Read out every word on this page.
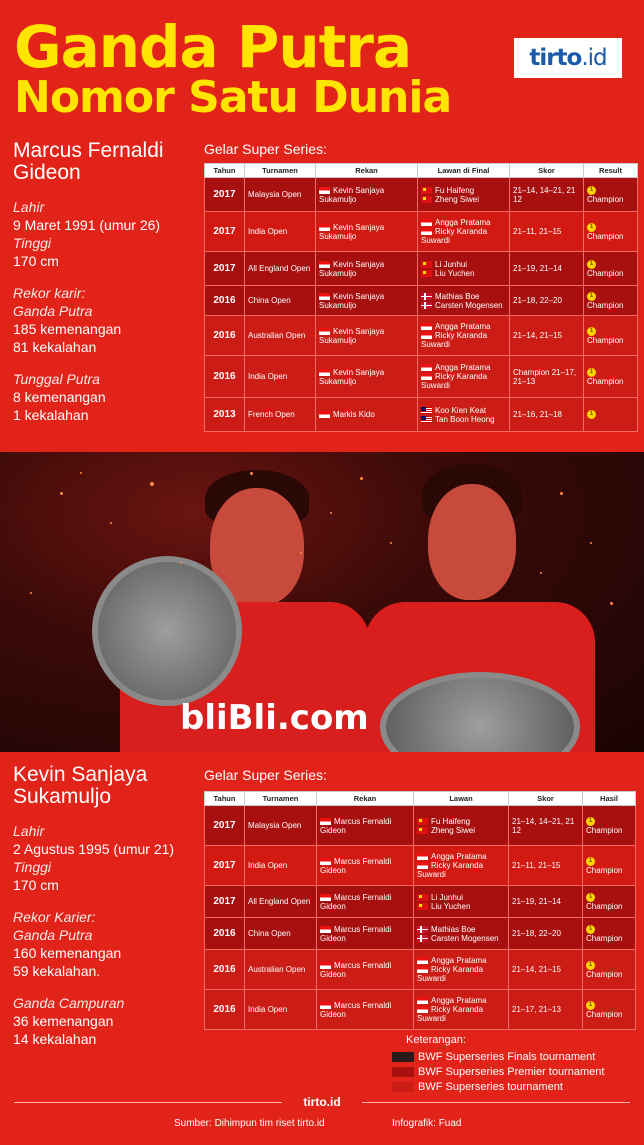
Ganda Putra
Nomor Satu Dunia
tirto .id
Marcus Fernaldi
Gideon
Lahir
9 Maret 1991 (umur 26)
Tinggi
170 cm
Rekor karir:
Ganda Putra
185 kemenangan
81 kekalahan
Tunggal Putra
8 kemenangan
1 kekalahan
Gelar Super Series:
Tahun	Turnamen	Rekan	Lawan di Final	Skor	Result
2017	Malaysia Open	Kevin Sanjaya Sukamuljo	Fu Haifeng
Zheng Siwei	21–14, 14–21, 21 12	1 Champion
2017	India Open	Kevin Sanjaya Sukamuljo	Angga Pratama
Ricky Karanda Suwardi	21–11, 21–15	1 Champion
2017	All England Open	Kevin Sanjaya Sukamuljo	Li Junhui
Liu Yuchen	21–19, 21–14	1 Champion
2016	China Open	Kevin Sanjaya Sukamuljo	Mathias Boe
Carsten Mogensen	21–18, 22–20	1 Champion
2016	Australian Open	Kevin Sanjaya Sukamuljo	Angga Pratama
Ricky Karanda Suwardi	21–14, 21–15	1 Champion
2016	India Open	Kevin Sanjaya Sukamuljo	Angga Pratama
Ricky Karanda Suwardi	Champion 21–17, 21–13	1 Champion
2013	French Open	Markis Kido	Koo Kien Keat
Tan Boon Heong	21–16, 21–18	1
bliBli.com
Kevin Sanjaya
Sukamuljo
Lahir
2 Agustus 1995 (umur 21)
Tinggi
170 cm
Rekor Karier:
Ganda Putra
160 kemenangan
59 kekalahan.
Ganda Campuran
36 kemenangan
14 kekalahan
Gelar Super Series:
Tahun	Turnamen	Rekan	Lawan	Skor	Hasil
2017	Malaysia Open	Marcus Fernaldi Gideon	Fu Haifeng
Zheng Siwei	21–14, 14–21, 21 12	1 Champion
2017	India Open	Marcus Fernaldi Gideon	Angga Pratama
Ricky Karanda Suwardi	21–11, 21–15	1 Champion
2017	All England Open	Marcus Fernaldi Gideon	Li Junhui
Liu Yuchen	21–19, 21–14	1 Champion
2016	China Open	Marcus Fernaldi Gideon	Mathias Boe
Carsten Mogensen	21–18, 22–20	1 Champion
2016	Australian Open	Marcus Fernaldi Gideon	Angga Pratama
Ricky Karanda Suwardi	21–14, 21–15	1 Champion
2016	India Open	Marcus Fernaldi Gideon	Angga Pratama
Ricky Karanda Suwardi	21–17, 21–13	1 Champion
Keterangan:
BWF Superseries Finals tournament
BWF Superseries Premier tournament
BWF Superseries tournament
tirto.id
Sumber: Dihimpun tim riset tirto.id	Infografik: Fuad
